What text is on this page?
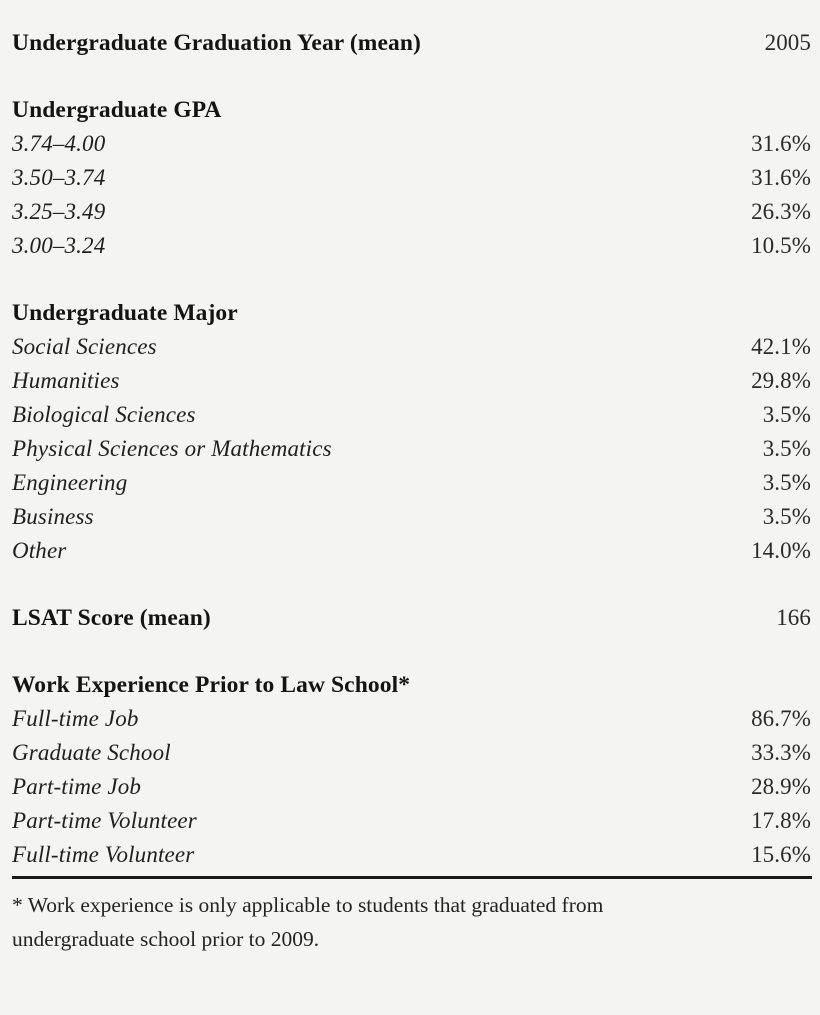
Undergraduate Graduation Year (mean)	2005
Undergraduate GPA
3.74–4.00	31.6%
3.50–3.74	31.6%
3.25–3.49	26.3%
3.00–3.24	10.5%
Undergraduate Major
Social Sciences	42.1%
Humanities	29.8%
Biological Sciences	3.5%
Physical Sciences or Mathematics	3.5%
Engineering	3.5%
Business	3.5%
Other	14.0%
LSAT Score (mean)	166
Work Experience Prior to Law School*
Full-time Job	86.7%
Graduate School	33.3%
Part-time Job	28.9%
Part-time Volunteer	17.8%
Full-time Volunteer	15.6%

* Work experience is only applicable to students that graduated from

undergraduate school prior to 2009.
